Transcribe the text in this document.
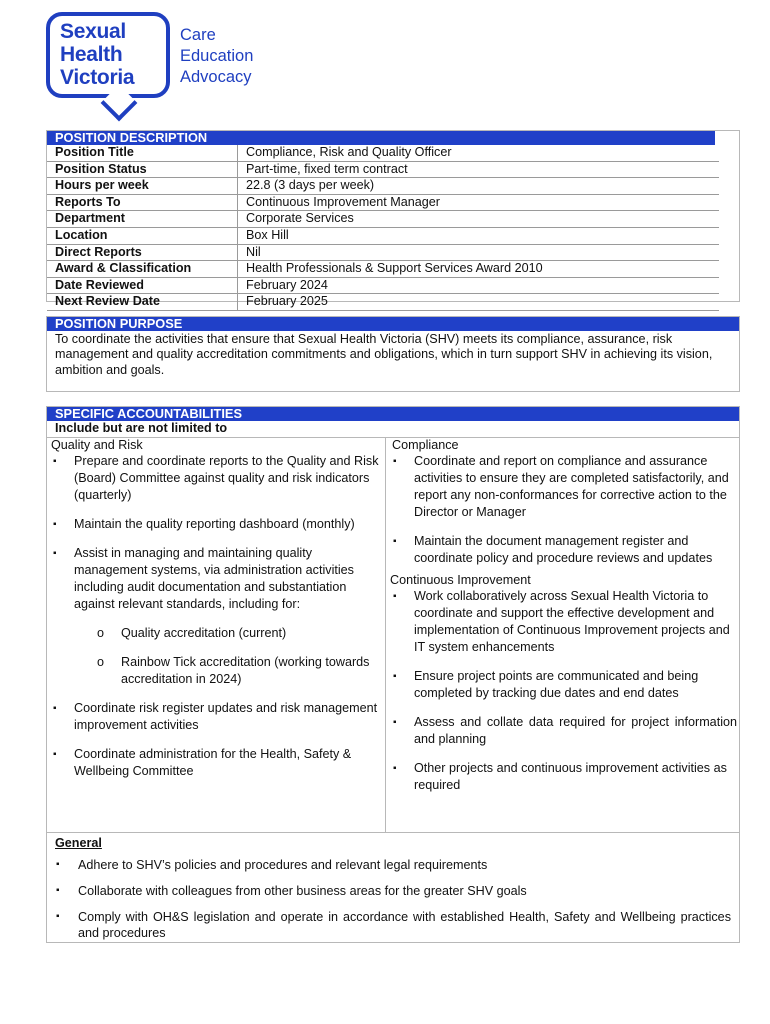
Sexual
Health
Victoria
Care
Education
Advocacy
POSITION DESCRIPTION
Position Title	Compliance, Risk and Quality Officer
Position Status	Part-time, fixed term contract
Hours per week	22.8 (3 days per week)
Reports To	Continuous Improvement Manager
Department	Corporate Services
Location	Box Hill
Direct Reports	Nil
Award & Classification	Health Professionals & Support Services Award 2010
Date Reviewed	February 2024
Next Review Date	February 2025
POSITION PURPOSE
To coordinate the activities that ensure that Sexual Health Victoria (SHV) meets its compliance, assurance, risk management and quality accreditation commitments and obligations, which in turn support SHV in achieving its vision, ambition and goals.
SPECIFIC ACCOUNTABILITIES
Include but are not limited to
Quality and Risk
▪ Prepare and coordinate reports to the Quality and Risk (Board) Committee against quality and risk indicators (quarterly)
▪ Maintain the quality reporting dashboard (monthly)
▪ Assist in managing and maintaining quality management systems, via administration activities including audit documentation and substantiation against relevant standards, including for:
o Quality accreditation (current)
o Rainbow Tick accreditation (working towards accreditation in 2024)
▪ Coordinate risk register updates and risk management improvement activities
▪ Coordinate administration for the Health, Safety & Wellbeing Committee
Compliance
▪ Coordinate and report on compliance and assurance activities to ensure they are completed satisfactorily, and report any non-conformances for corrective action to the Director or Manager
▪ Maintain the document management register and coordinate policy and procedure reviews and updates
Continuous Improvement
▪ Work collaboratively across Sexual Health Victoria to coordinate and support the effective development and implementation of Continuous Improvement projects and IT system enhancements
▪ Ensure project points are communicated and being completed by tracking due dates and end dates
▪ Assess and collate data required for project information and planning
▪ Other projects and continuous improvement activities as required
General
▪ Adhere to SHV’s policies and procedures and relevant legal requirements
▪ Collaborate with colleagues from other business areas for the greater SHV goals
▪ Comply with OH&S legislation and operate in accordance with established Health, Safety and Wellbeing practices and procedures
